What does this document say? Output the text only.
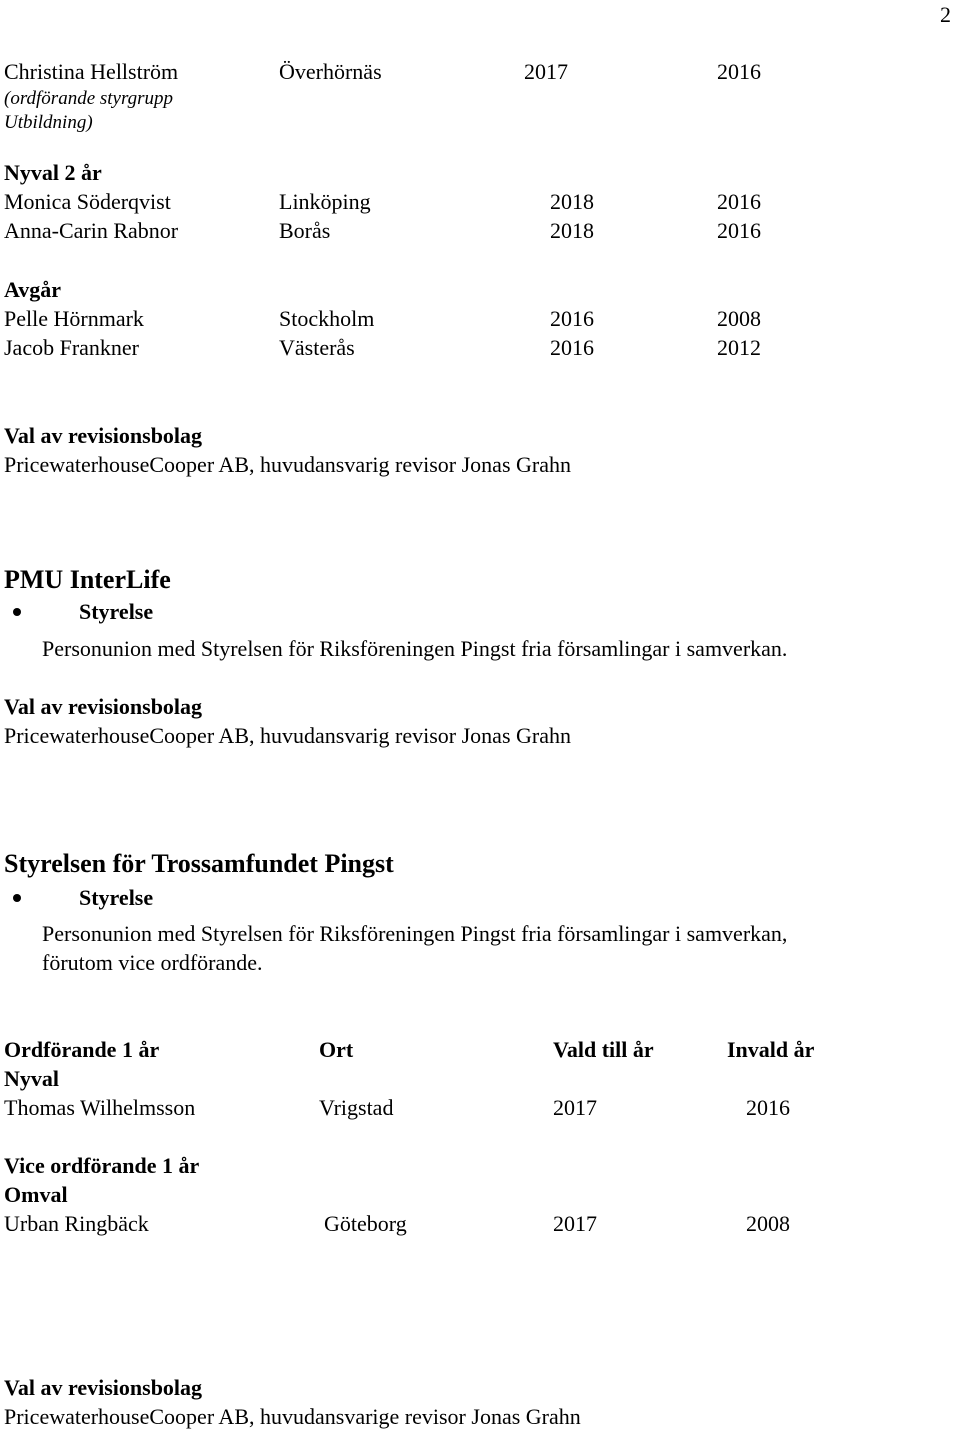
2
Christina Hellström	Överhörnäs	2017	2016
(ordförande styrgrupp
Utbildning)
Nyval 2 år
Monica Söderqvist	Linköping	2018	2016
Anna-Carin Rabnor	Borås	2018	2016
Avgår
Pelle Hörnmark	Stockholm	2016	2008
Jacob Frankner	Västerås	2016	2012
Val av revisionsbolag
PricewaterhouseCooper AB, huvudansvarig revisor Jonas Grahn
PMU InterLife
Styrelse
Personunion med Styrelsen för Riksföreningen Pingst fria församlingar i samverkan.
Val av revisionsbolag
PricewaterhouseCooper AB, huvudansvarig revisor Jonas Grahn
Styrelsen för Trossamfundet Pingst
Styrelse
Personunion med Styrelsen för Riksföreningen Pingst fria församlingar i samverkan,
förutom vice ordförande.
Ordförande 1 år	Ort	Vald till år	Invald år
Nyval
Thomas Wilhelmsson	Vrigstad	2017	2016
Vice ordförande 1 år
Omval
Urban Ringbäck	Göteborg	2017	2008
Val av revisionsbolag
PricewaterhouseCooper AB, huvudansvarige revisor Jonas Grahn
